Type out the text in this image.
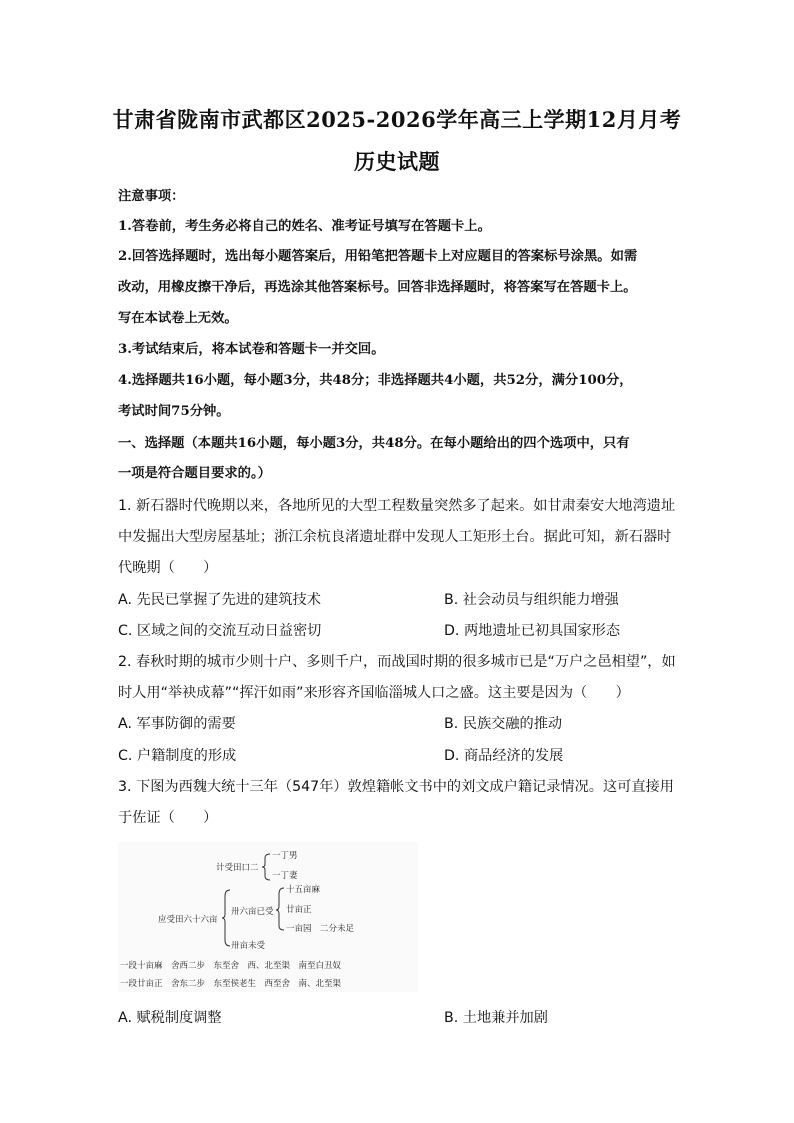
甘肃省陇南市武都区2025-2026学年高三上学期12月月考
历史试题
注意事项：
1.答卷前，考生务必将自己的姓名、准考证号填写在答题卡上。
2.回答选择题时，选出每小题答案后，用铅笔把答题卡上对应题目的答案标号涂黑。如需
改动，用橡皮擦干净后，再选涂其他答案标号。回答非选择题时，将答案写在答题卡上。
写在本试卷上无效。
3.考试结束后，将本试卷和答题卡一并交回。
4.选择题共16小题，每小题3分，共48分；非选择题共4小题，共52分，满分100分，
考试时间75分钟。
一、选择题（本题共16小题，每小题3分，共48分。在每小题给出的四个选项中，只有
一项是符合题目要求的。）
1. 新石器时代晚期以来，各地所见的大型工程数量突然多了起来。如甘肃秦安大地湾遗址
中发掘出大型房屋基址；浙江余杭良渚遗址群中发现人工矩形土台。据此可知，新石器时
代晚期（　　）
A. 先民已掌握了先进的建筑技术	B. 社会动员与组织能力增强
C. 区域之间的交流互动日益密切	D. 两地遗址已初具国家形态
2. 春秋时期的城市少则十户、多则千户，而战国时期的很多城市已是“万户之邑相望”，如
时人用“举袂成幕”“挥汗如雨”来形容齐国临淄城人口之盛。这主要是因为（　　）
A. 军事防御的需要	B. 民族交融的推动
C. 户籍制度的形成	D. 商品经济的发展
3. 下图为西魏大统十三年（547年）敦煌籍帐文书中的刘文成户籍记录情况。这可直接用
于佐证（　　）
计受田口二
一丁男
一丁妻
应受田六十六亩
卅六亩已受
卅亩未受
十五亩麻
廿亩正
一亩园　二分未足
一段十亩麻　舍西二步　东至舍　西、北至渠　南至白丑奴
一段廿亩正　舍东二步　东至侯老生　西至舍　南、北至渠
A. 赋税制度调整	B. 土地兼并加剧
